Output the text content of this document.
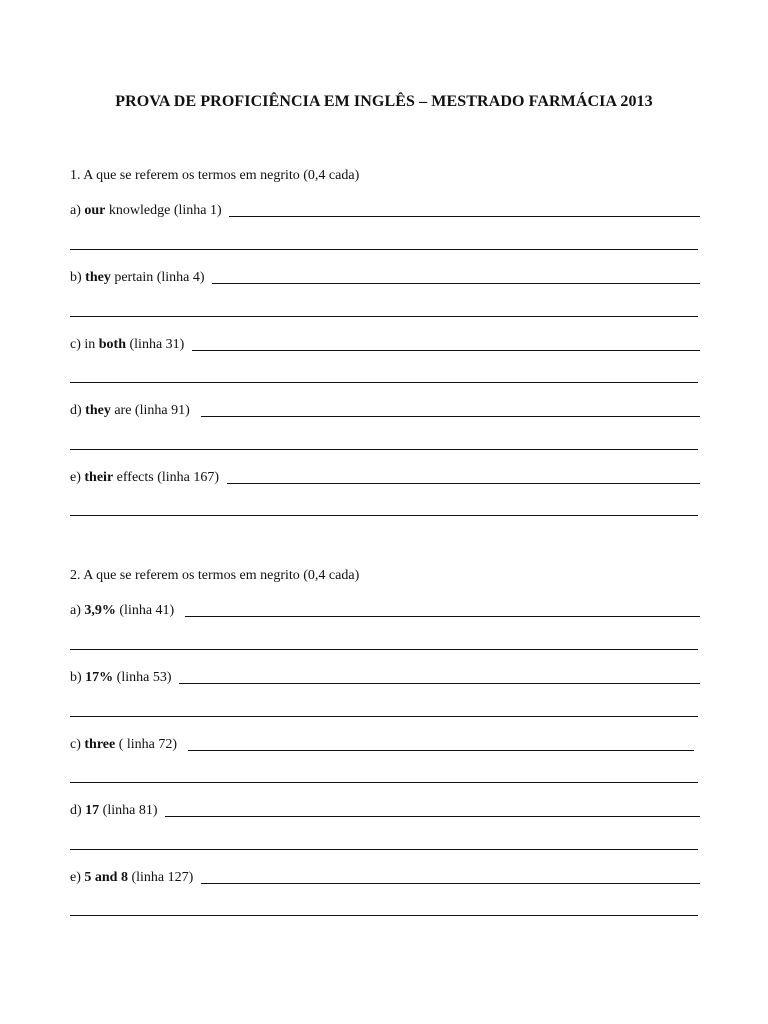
PROVA DE PROFICIÊNCIA EM INGLÊS – MESTRADO FARMÁCIA 2013
1. A que se referem os termos em negrito (0,4 cada)
a) our knowledge (linha 1)
b) they pertain (linha 4)
c) in both (linha 31)
d) they are (linha 91)
e) their effects (linha 167)
2. A que se referem os termos em negrito (0,4 cada)
a) 3,9% (linha 41)
b) 17% (linha 53)
c) three ( linha 72)
d) 17 (linha 81)
e) 5 and 8 (linha 127)
